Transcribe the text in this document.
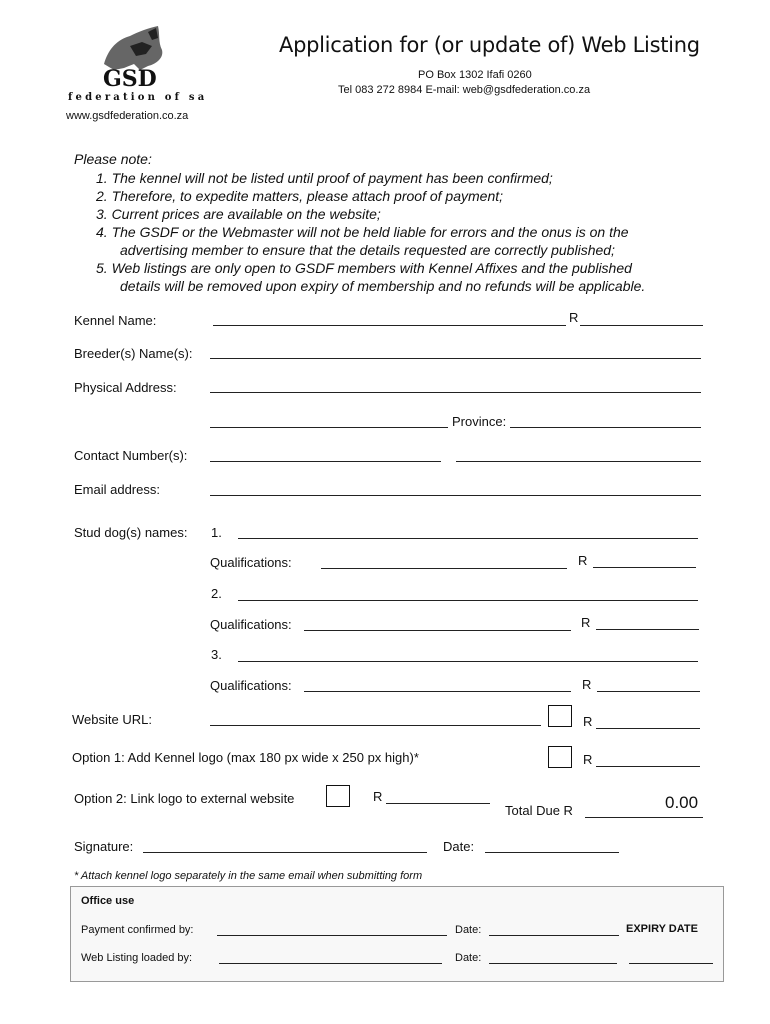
GSD
federation of sa
www.gsdfederation.co.za
Application for (or update of) Web Listing
PO Box 1302 Ifafi 0260
Tel 083 272 8984 E-mail: web@gsdfederation.co.za
Please note:
1. The kennel will not be listed until proof of payment has been confirmed;
2. Therefore, to expedite matters, please attach proof of payment;
3. Current prices are available on the website;
4. The GSDF or the Webmaster will not be held liable for errors and the onus is on the
advertising member to ensure that the details requested are correctly published;
5. Web listings are only open to GSDF members with Kennel Affixes and the published
details will be removed upon expiry of membership and no refunds will be applicable.
Kennel Name:	R
Breeder(s) Name(s):
Physical Address:
Province:
Contact Number(s):
Email address:
Stud dog(s) names: 1.
Qualifications:	R
2.
Qualifications:	R
3.
Qualifications:	R
Website URL:	R
Option 1: Add Kennel logo (max 180 px wide x 250 px high)*	R
Option 2: Link logo to external website	R
Total Due R	0.00
Signature:	Date:
* Attach kennel logo separately in the same email when submitting form
Office use
Payment confirmed by:	Date:	EXPIRY DATE
Web Listing loaded by:	Date:
